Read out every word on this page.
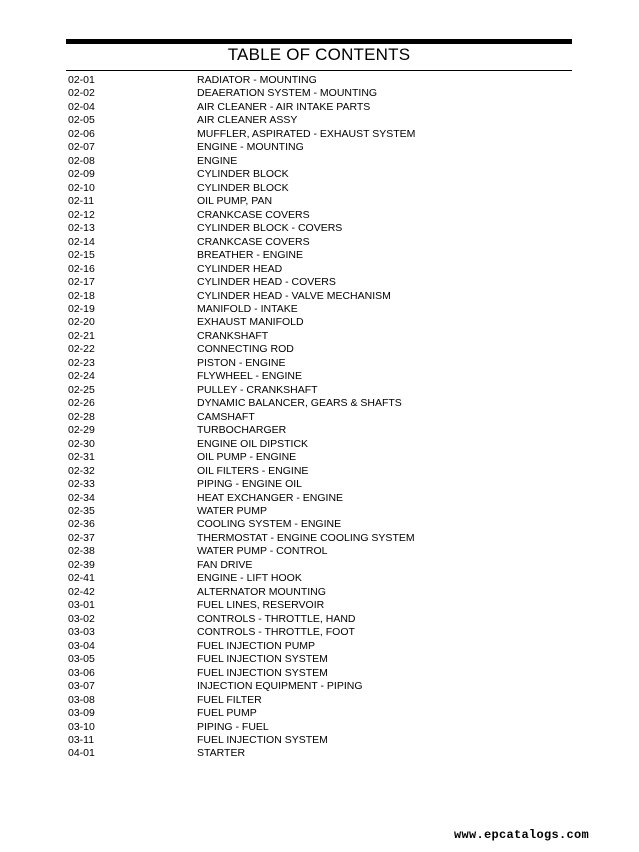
TABLE OF CONTENTS
02-01	RADIATOR - MOUNTING
02-02	DEAERATION SYSTEM - MOUNTING
02-04	AIR CLEANER - AIR INTAKE PARTS
02-05	AIR CLEANER ASSY
02-06	MUFFLER, ASPIRATED - EXHAUST SYSTEM
02-07	ENGINE - MOUNTING
02-08	ENGINE
02-09	CYLINDER BLOCK
02-10	CYLINDER BLOCK
02-11	OIL PUMP, PAN
02-12	CRANKCASE COVERS
02-13	CYLINDER BLOCK - COVERS
02-14	CRANKCASE COVERS
02-15	BREATHER - ENGINE
02-16	CYLINDER HEAD
02-17	CYLINDER HEAD - COVERS
02-18	CYLINDER HEAD - VALVE MECHANISM
02-19	MANIFOLD - INTAKE
02-20	EXHAUST MANIFOLD
02-21	CRANKSHAFT
02-22	CONNECTING ROD
02-23	PISTON - ENGINE
02-24	FLYWHEEL - ENGINE
02-25	PULLEY - CRANKSHAFT
02-26	DYNAMIC BALANCER, GEARS & SHAFTS
02-28	CAMSHAFT
02-29	TURBOCHARGER
02-30	ENGINE OIL DIPSTICK
02-31	OIL PUMP - ENGINE
02-32	OIL FILTERS - ENGINE
02-33	PIPING - ENGINE OIL
02-34	HEAT EXCHANGER - ENGINE
02-35	WATER PUMP
02-36	COOLING SYSTEM - ENGINE
02-37	THERMOSTAT - ENGINE COOLING SYSTEM
02-38	WATER PUMP - CONTROL
02-39	FAN DRIVE
02-41	ENGINE - LIFT HOOK
02-42	ALTERNATOR MOUNTING
03-01	FUEL LINES, RESERVOIR
03-02	CONTROLS - THROTTLE, HAND
03-03	CONTROLS - THROTTLE, FOOT
03-04	FUEL INJECTION PUMP
03-05	FUEL INJECTION SYSTEM
03-06	FUEL INJECTION SYSTEM
03-07	INJECTION EQUIPMENT - PIPING
03-08	FUEL FILTER
03-09	FUEL PUMP
03-10	PIPING - FUEL
03-11	FUEL INJECTION SYSTEM
04-01	STARTER
www.epcatalogs.com
